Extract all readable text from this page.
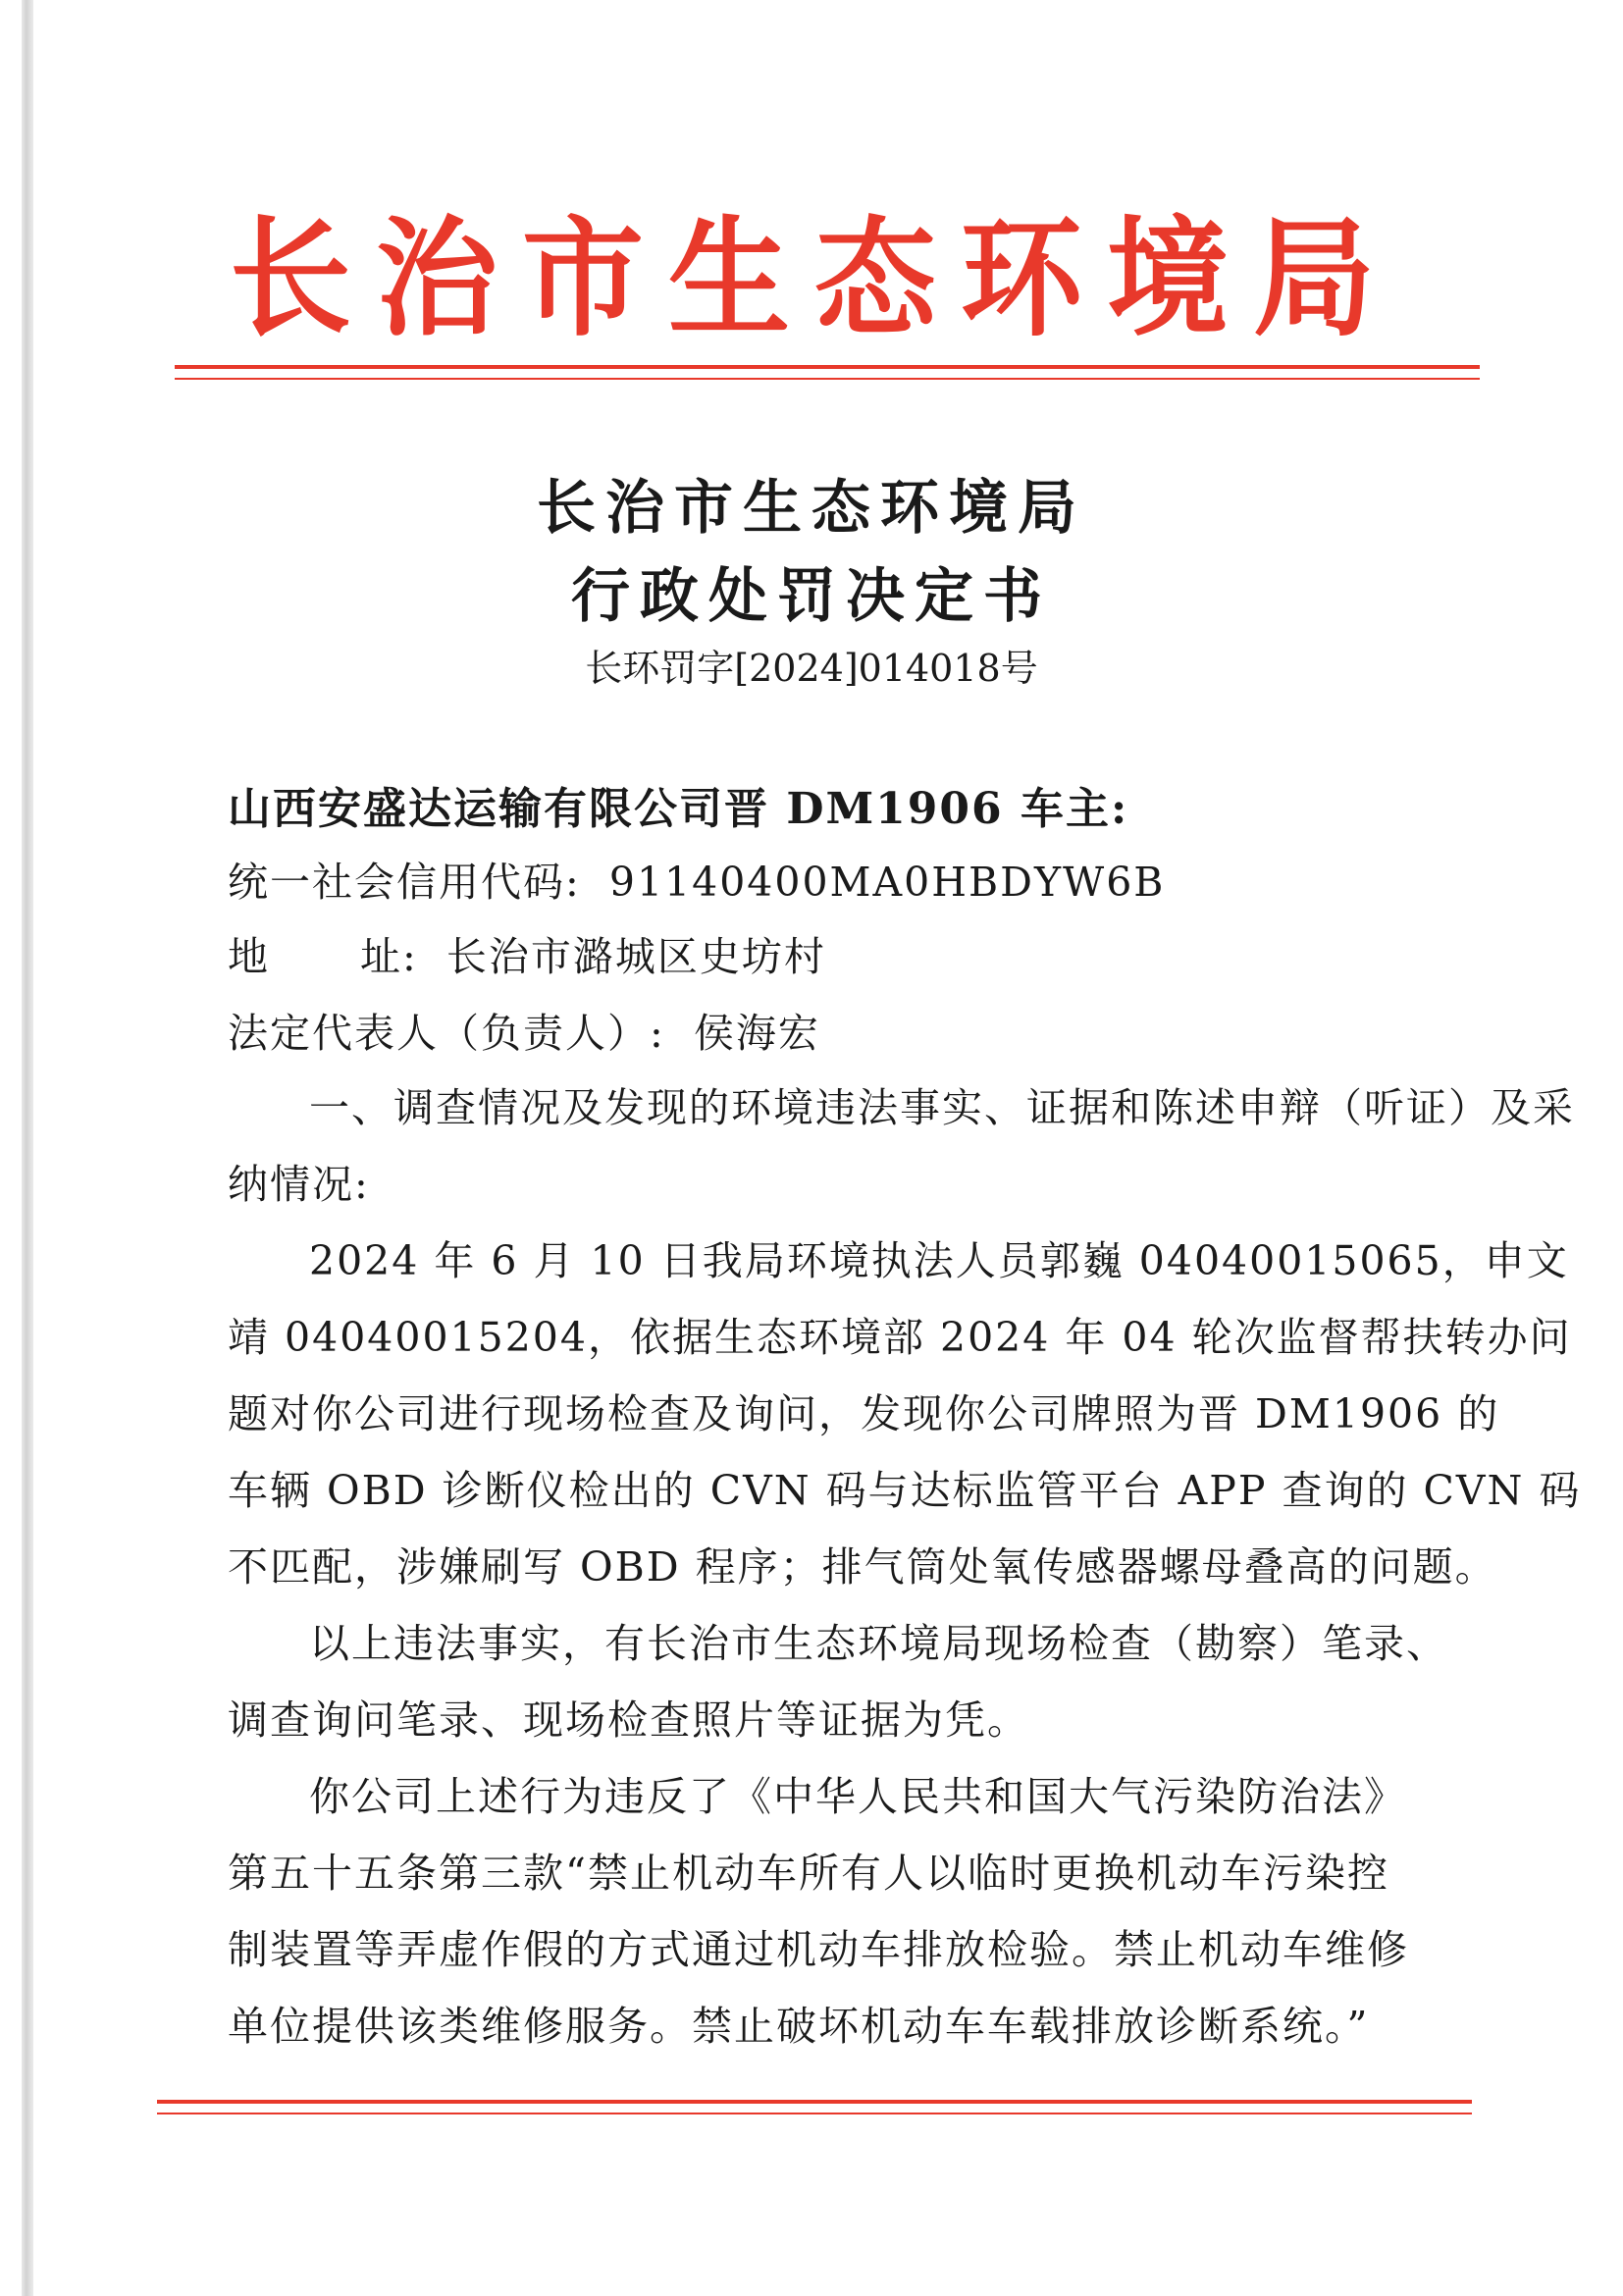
长治市生态环境局
长治市生态环境局
行政处罚决定书
长环罚字[2024]014018号
山西安盛达运输有限公司晋 DM1906 车主:
统一社会信用代码: 91140400MA0HBDYW6B
地 址: 长治市潞城区史坊村
法定代表人（负责人）: 侯海宏
一、调查情况及发现的环境违法事实、证据和陈述申辩（听证）及采
纳情况:
2024 年 6 月 10 日我局环境执法人员郭巍 04040015065，申文
靖 04040015204，依据生态环境部 2024 年 04 轮次监督帮扶转办问
题对你公司进行现场检查及询问，发现你公司牌照为晋 DM1906 的
车辆 OBD 诊断仪检出的 CVN 码与达标监管平台 APP 查询的 CVN 码
不匹配，涉嫌刷写 OBD 程序；排气筒处氧传感器螺母叠高的问题。
以上违法事实，有长治市生态环境局现场检查（勘察）笔录、
调查询问笔录、现场检查照片等证据为凭。
你公司上述行为违反了《中华人民共和国大气污染防治法》
第五十五条第三款“禁止机动车所有人以临时更换机动车污染控
制装置等弄虚作假的方式通过机动车排放检验。禁止机动车维修
单位提供该类维修服务。禁止破坏机动车车载排放诊断系统。”
